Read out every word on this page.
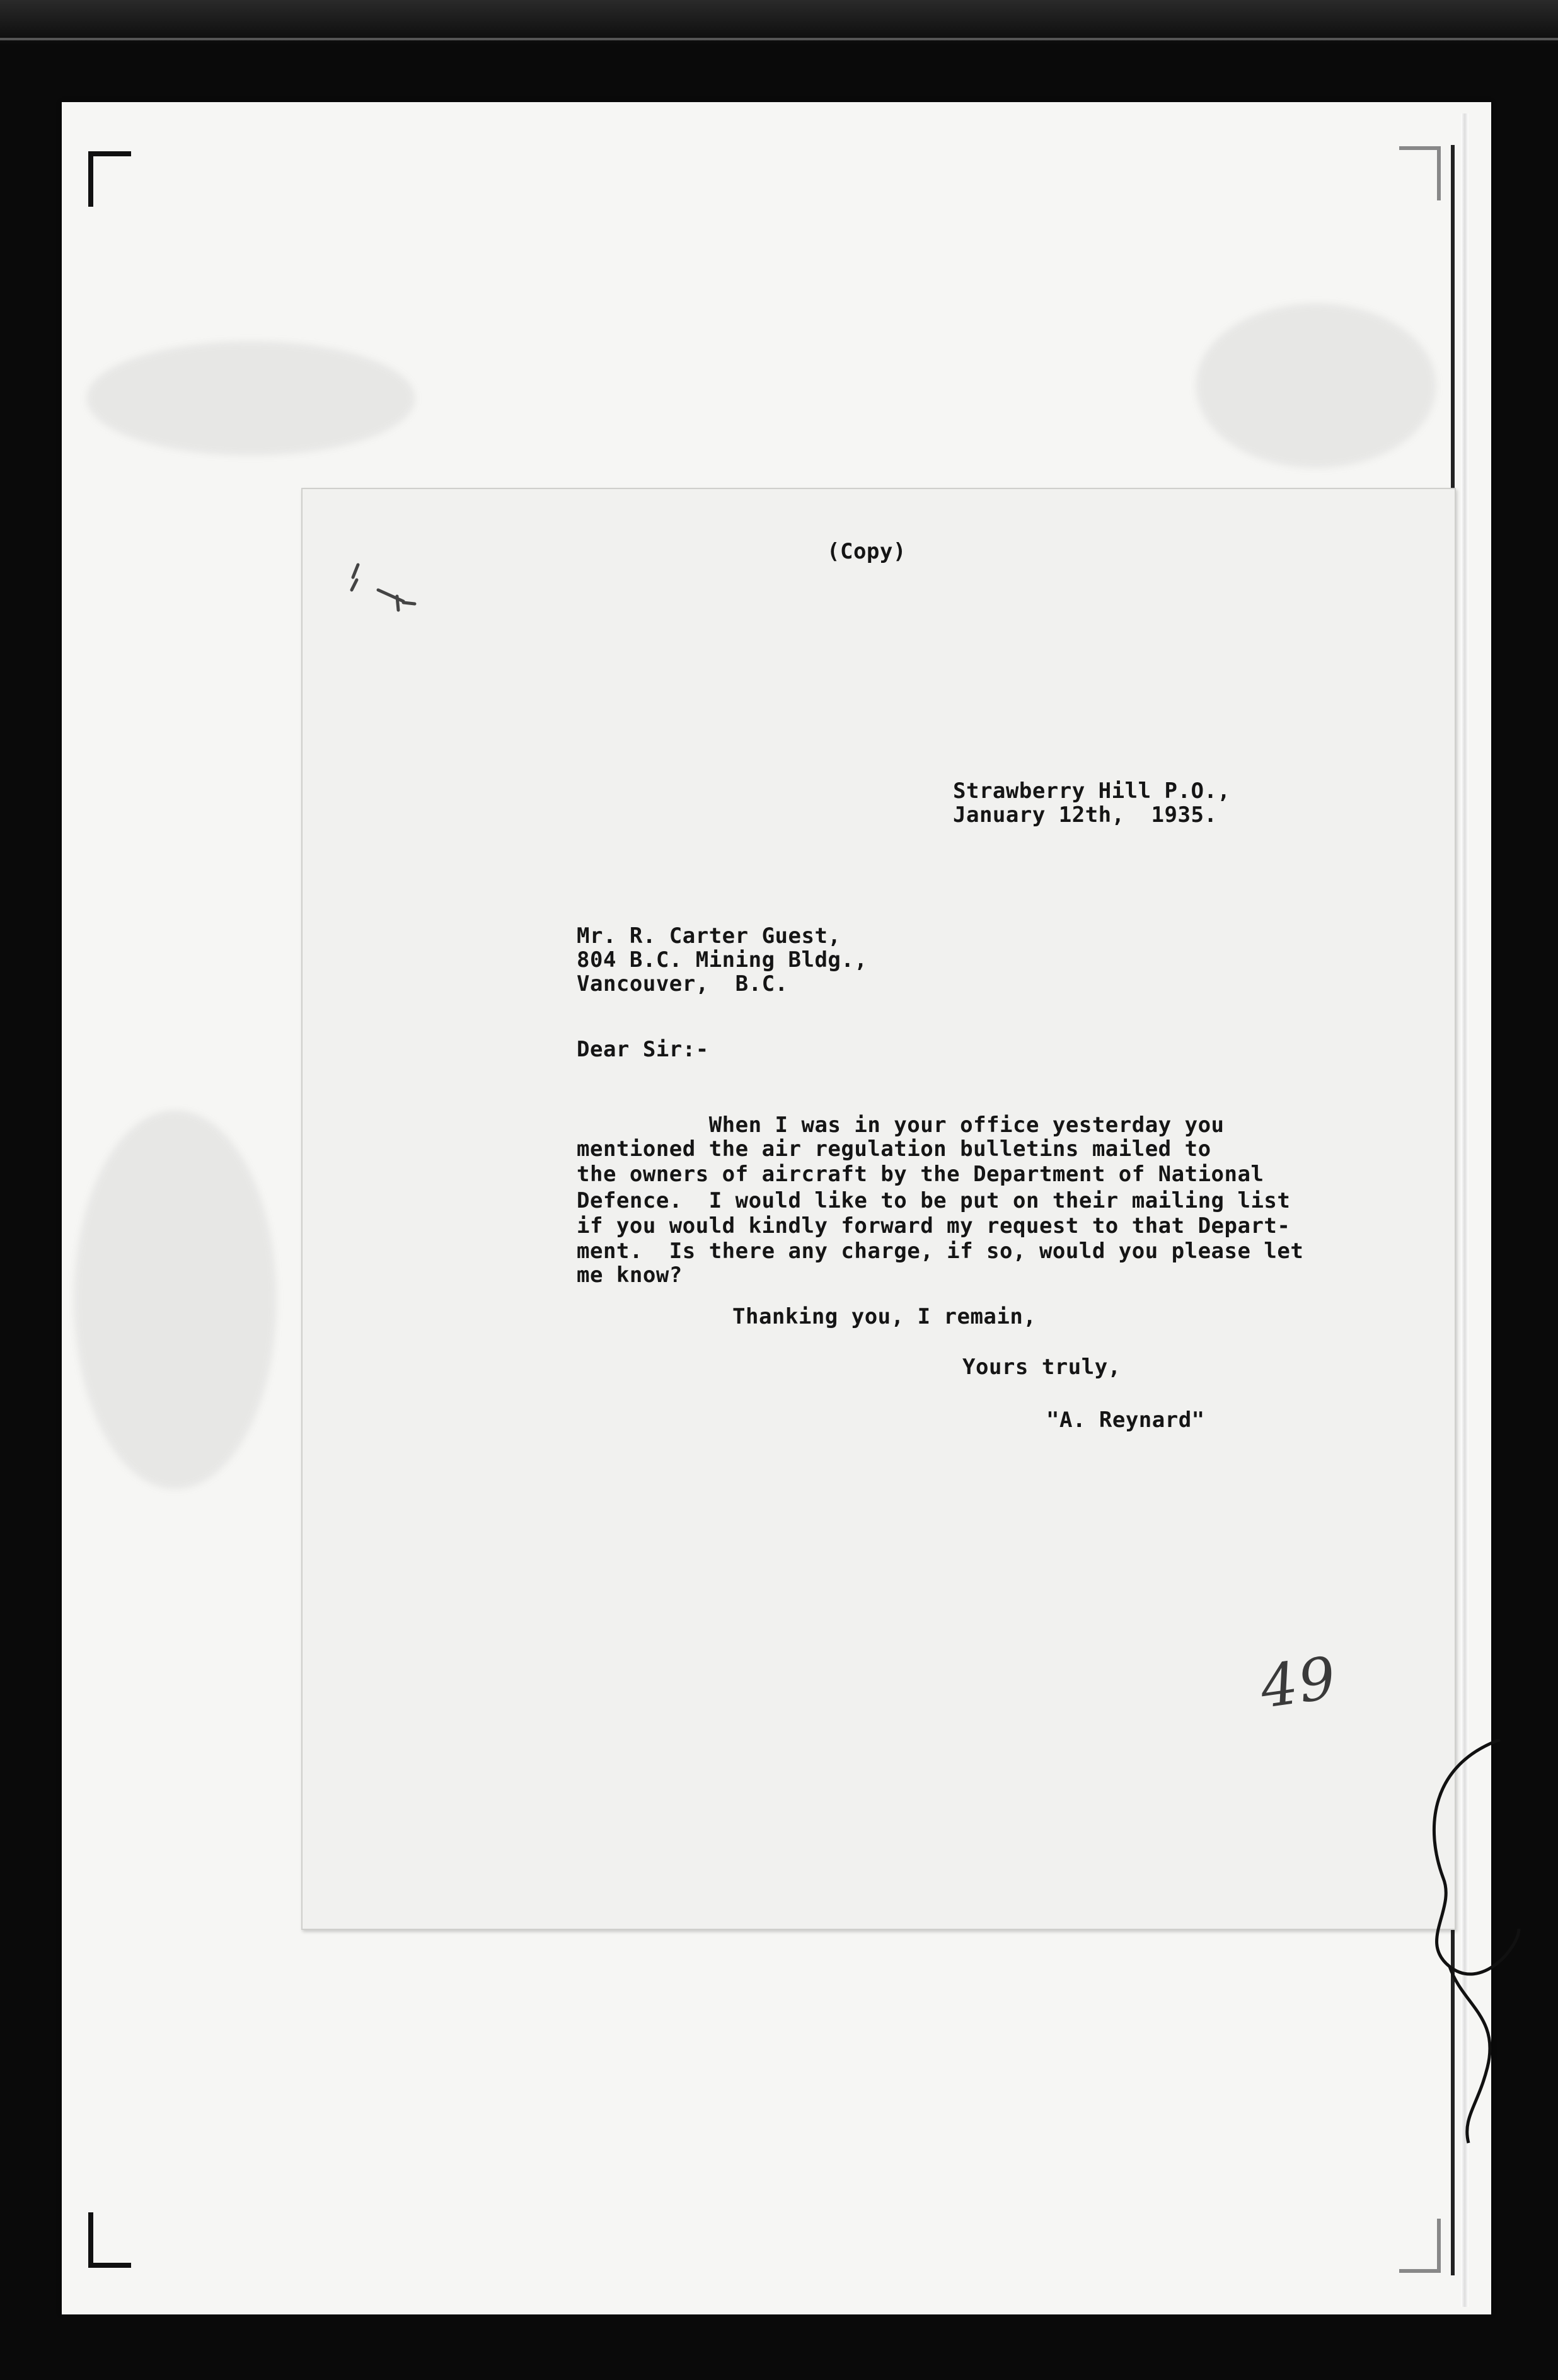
(Copy)
Strawberry Hill P.O.,
January 12th,  1935.
Mr. R. Carter Guest,
804 B.C. Mining Bldg.,
Vancouver,  B.C.
Dear Sir:-
When I was in your office yesterday you
mentioned the air regulation bulletins mailed to
the owners of aircraft by the Department of National
Defence.  I would like to be put on their mailing list
if you would kindly forward my request to that Depart-
ment.  Is there any charge, if so, would you please let
me know?
Thanking you, I remain,
Yours truly,
"A. Reynard"
49
